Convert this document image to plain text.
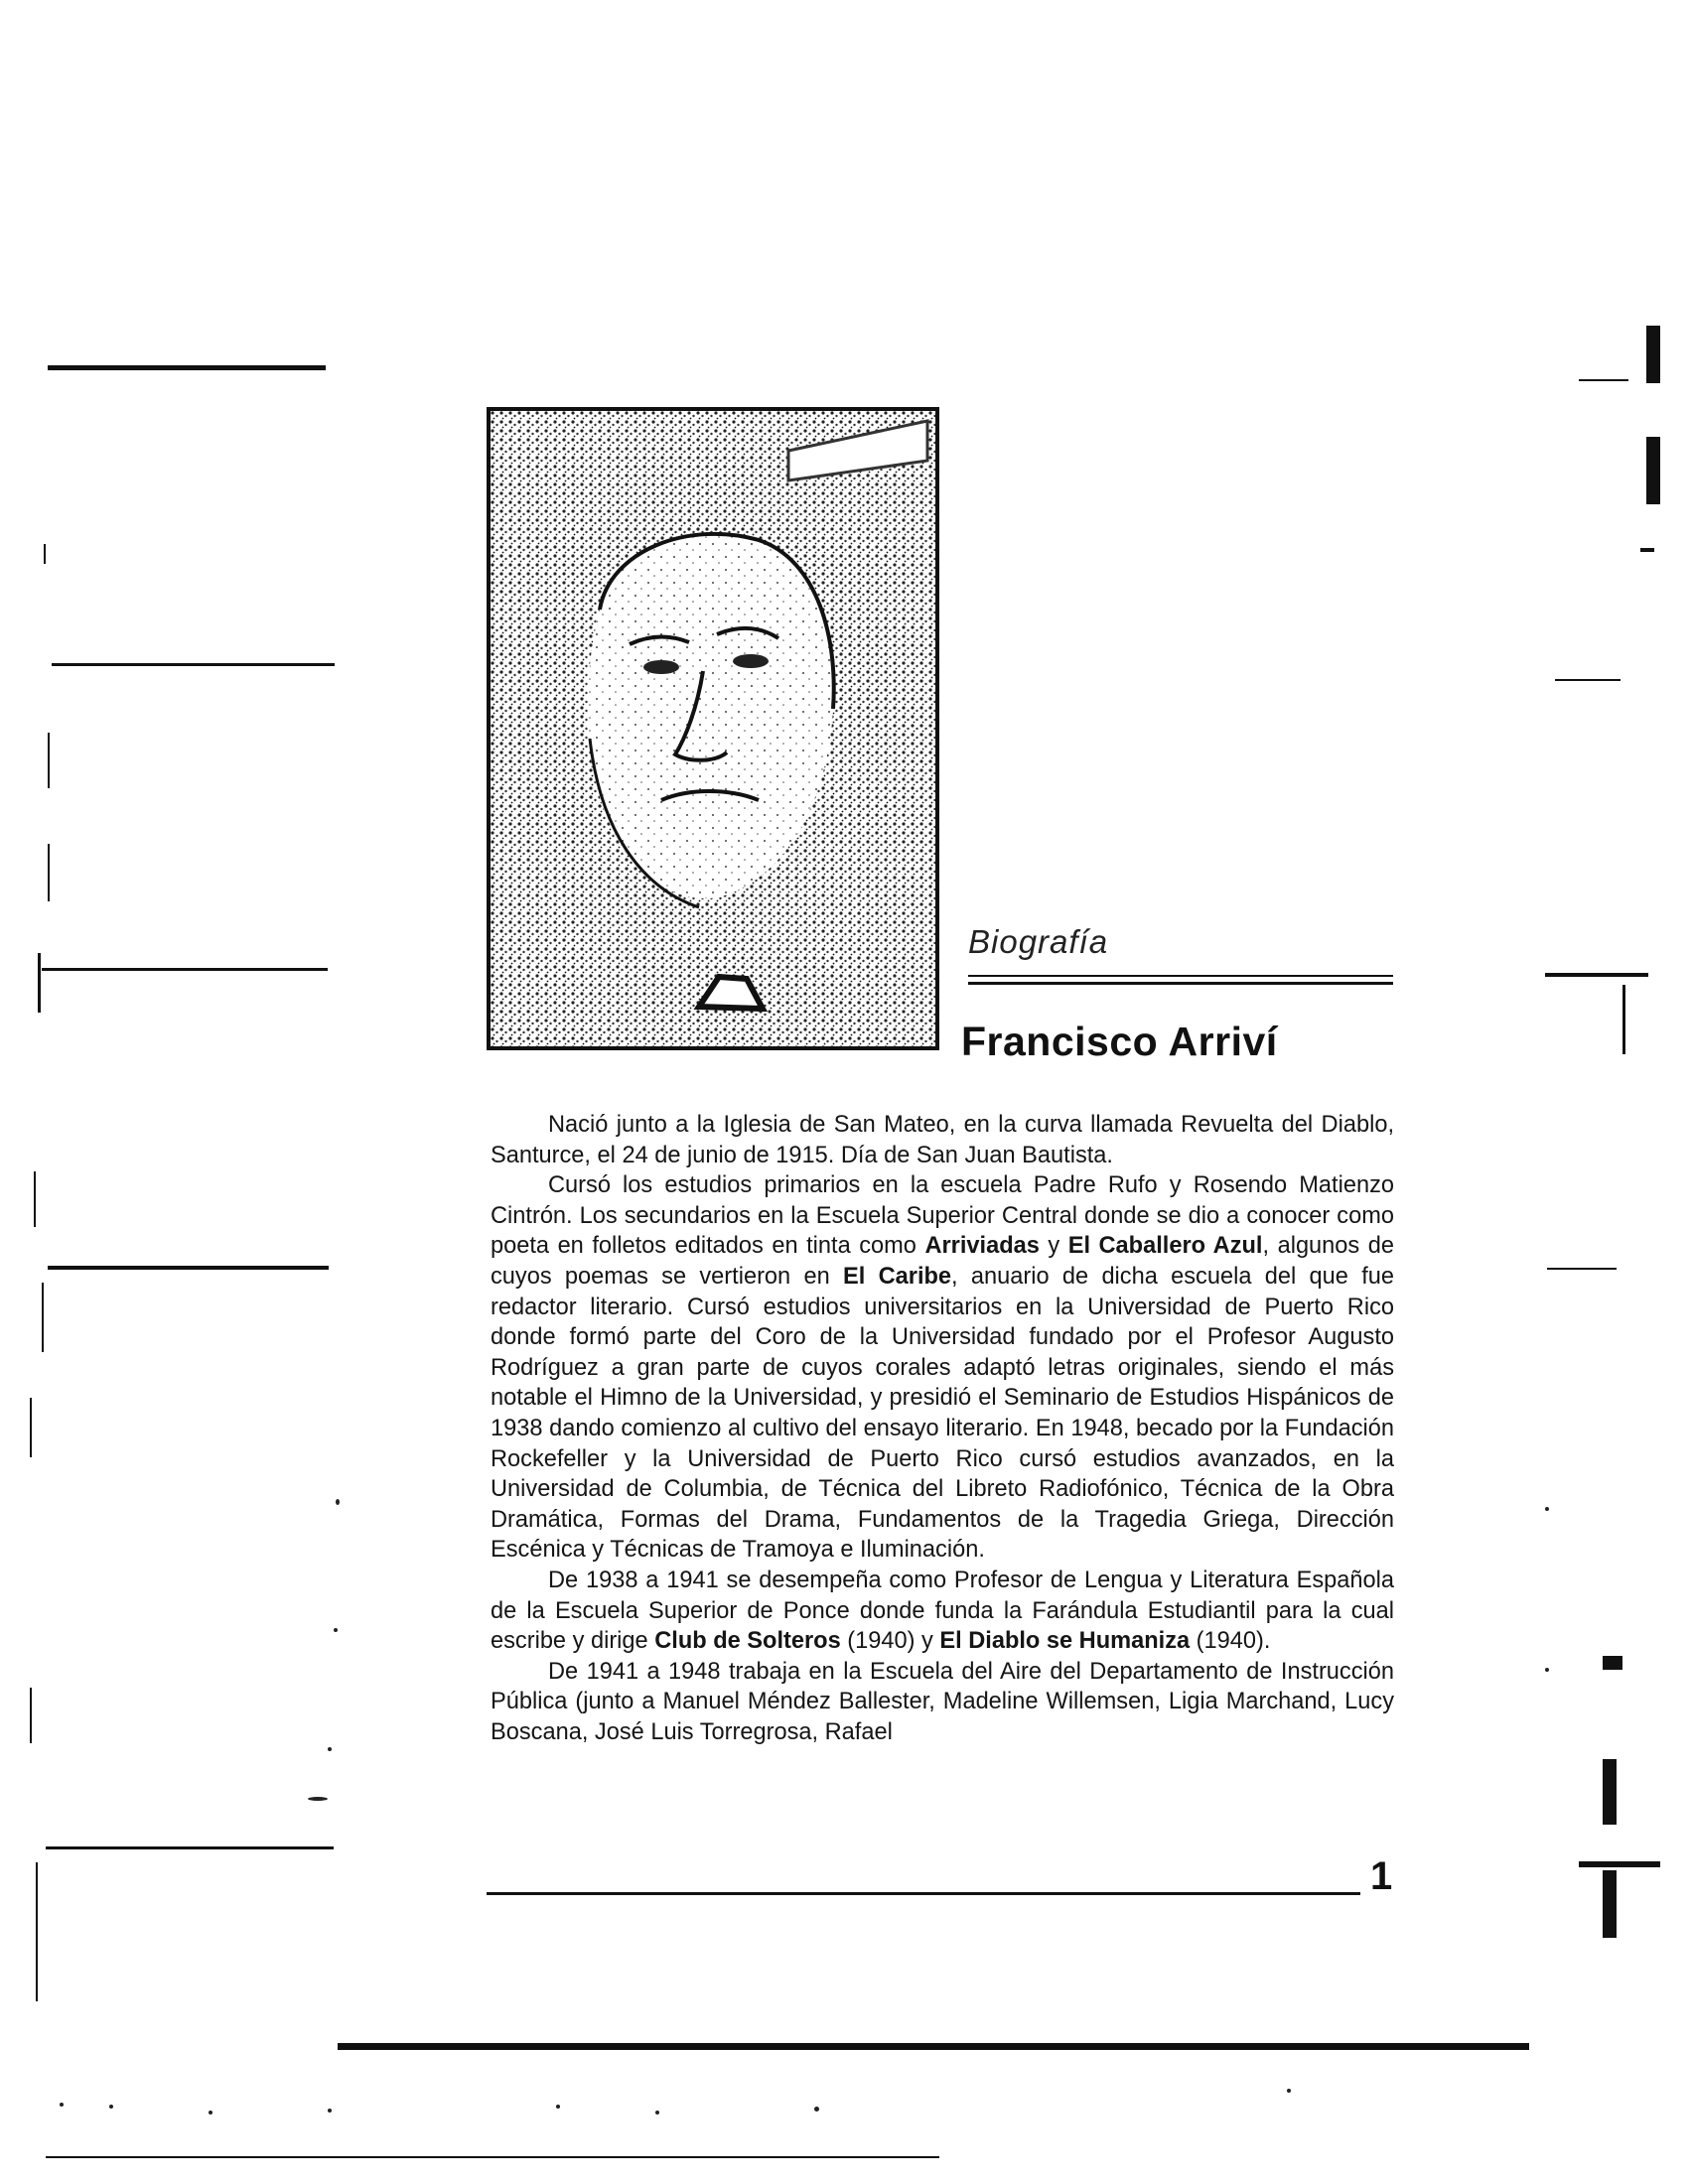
Biografía
Francisco Arriví

Nació junto a la Iglesia de San Mateo, en la curva llamada Revuelta del Diablo, Santurce, el 24 de junio de 1915. Día de San Juan Bautista.

Cursó los estudios primarios en la escuela Padre Rufo y Rosendo Matienzo Cintrón. Los secundarios en la Escuela Superior Central donde se dio a conocer como poeta en folletos editados en tinta como Arriviadas y El Caballero Azul, algunos de cuyos poemas se vertieron en El Caribe, anuario de dicha escuela del que fue redactor literario. Cursó estudios universitarios en la Universidad de Puerto Rico donde formó parte del Coro de la Universidad fundado por el Profesor Augusto Rodríguez a gran parte de cuyos corales adaptó letras originales, siendo el más notable el Himno de la Universidad, y presidió el Seminario de Estudios Hispánicos de 1938 dando comienzo al cultivo del ensayo literario. En 1948, becado por la Fundación Rockefeller y la Universidad de Puerto Rico cursó estudios avanzados, en la Universidad de Columbia, de Técnica del Libreto Radiofónico, Técnica de la Obra Dramática, Formas del Drama, Fundamentos de la Tragedia Griega, Dirección Escénica y Técnicas de Tramoya e Iluminación.

De 1938 a 1941 se desempeña como Profesor de Lengua y Literatura Española de la Escuela Superior de Ponce donde funda la Farándula Estudiantil para la cual escribe y dirige Club de Solteros (1940) y El Diablo se Humaniza (1940).

De 1941 a 1948 trabaja en la Escuela del Aire del Departamento de Instrucción Pública (junto a Manuel Méndez Ballester, Madeline Willemsen, Ligia Marchand, Lucy Boscana, José Luis Torregrosa, Rafael

1
